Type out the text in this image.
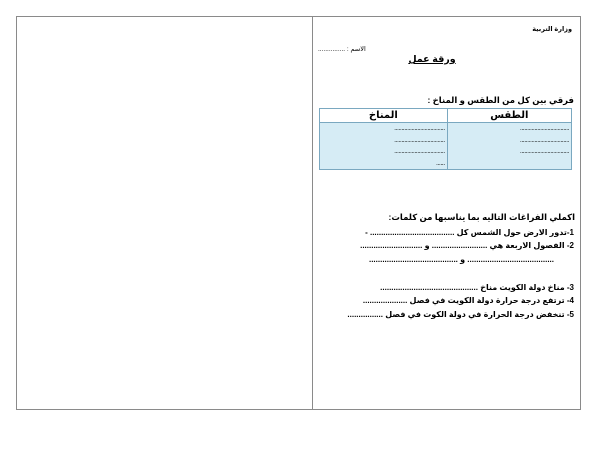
وزارة التربية
الاسم : ...............
ورقة عمل
فرقي بين كل من الطقس و المناخ :
الطقس	المناخ
..................................	...................................
..................................	...................................
..................................	...................................
	......
اكملي الفراغات التاليه بما يناسبها من كلمات:
1-تدور الارض حول الشمس كل ...................................... -
2- الفصول الاربعة هي ......................... و ............................
....................................... و ........................................
3- مناخ دولة الكويت مناخ ............................................
4- ترتفع درجة حرارة دولة الكويت في فصل ....................
5- تنخفض درجة الحرارة في دولة الكوت في فصل ................
